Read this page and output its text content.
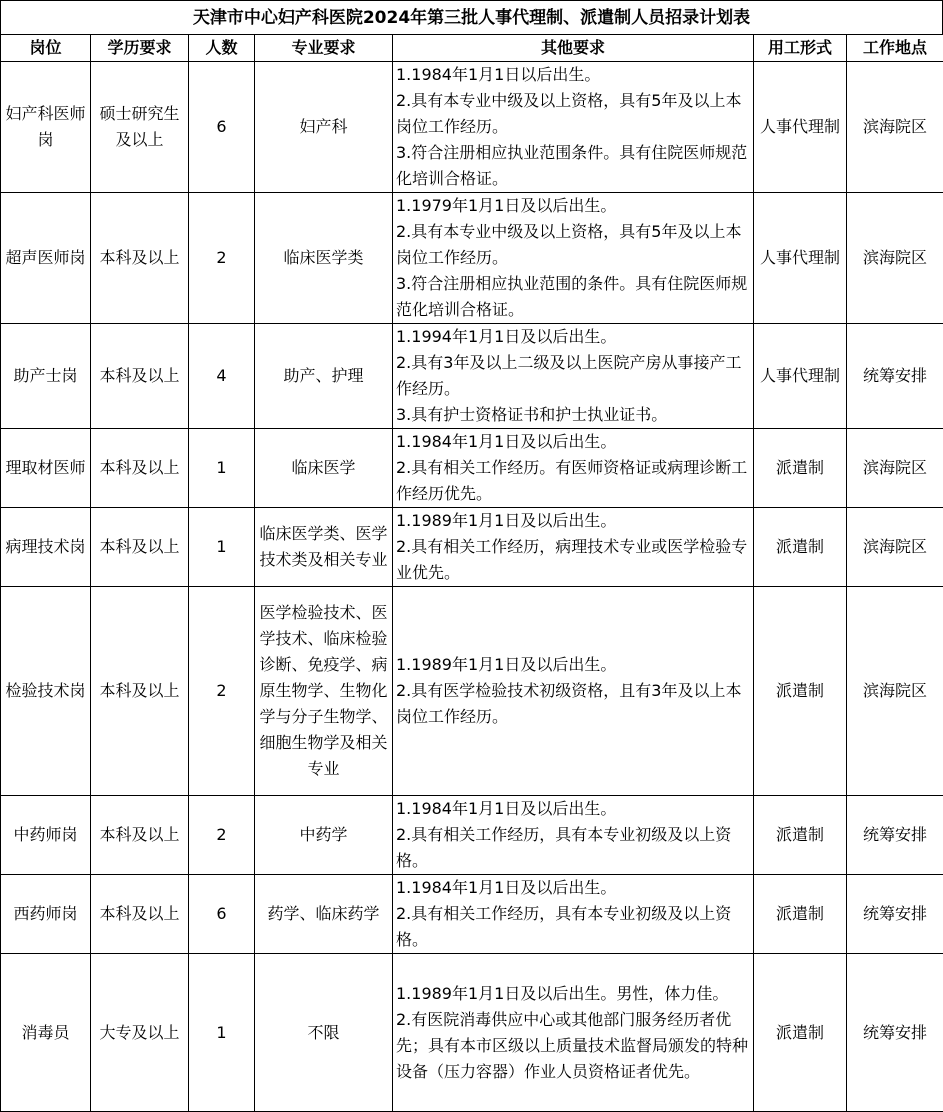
天津市中心妇产科医院2024年第三批人事代理制、派遣制人员招录计划表
岗位	学历要求	人数	专业要求	其他要求	用工形式	工作地点
妇产科医师岗	硕士研究生及以上	6	妇产科	1.1984年1月1日以后出生。
2.具有本专业中级及以上资格，具有5年及以上本岗位工作经历。
3.符合注册相应执业范围条件。具有住院医师规范化培训合格证。	人事代理制	滨海院区
超声医师岗	本科及以上	2	临床医学类	1.1979年1月1日及以后出生。
2.具有本专业中级及以上资格，具有5年及以上本岗位工作经历。
3.符合注册相应执业范围的条件。具有住院医师规范化培训合格证。	人事代理制	滨海院区
助产士岗	本科及以上	4	助产、护理	1.1994年1月1日及以后出生。
2.具有3年及以上二级及以上医院产房从事接产工作经历。
3.具有护士资格证书和护士执业证书。	人事代理制	统筹安排
理取材医师	本科及以上	1	临床医学	1.1984年1月1日及以后出生。
2.具有相关工作经历。有医师资格证或病理诊断工作经历优先。	派遣制	滨海院区
病理技术岗	本科及以上	1	临床医学类、医学技术类及相关专业	1.1989年1月1日及以后出生。
2.具有相关工作经历，病理技术专业或医学检验专业优先。	派遣制	滨海院区
检验技术岗	本科及以上	2	医学检验技术、医学技术、临床检验诊断、免疫学、病原生物学、生物化学与分子生物学、细胞生物学及相关专业	1.1989年1月1日及以后出生。
2.具有医学检验技术初级资格，且有3年及以上本岗位工作经历。	派遣制	滨海院区
中药师岗	本科及以上	2	中药学	1.1984年1月1日及以后出生。
2.具有相关工作经历，具有本专业初级及以上资格。	派遣制	统筹安排
西药师岗	本科及以上	6	药学、临床药学	1.1984年1月1日及以后出生。
2.具有相关工作经历，具有本专业初级及以上资格。	派遣制	统筹安排
消毒员	大专及以上	1	不限	1.1989年1月1日及以后出生。男性，体力佳。
2.有医院消毒供应中心或其他部门服务经历者优先；具有本市区级以上质量技术监督局颁发的特种设备（压力容器）作业人员资格证者优先。	派遣制	统筹安排
